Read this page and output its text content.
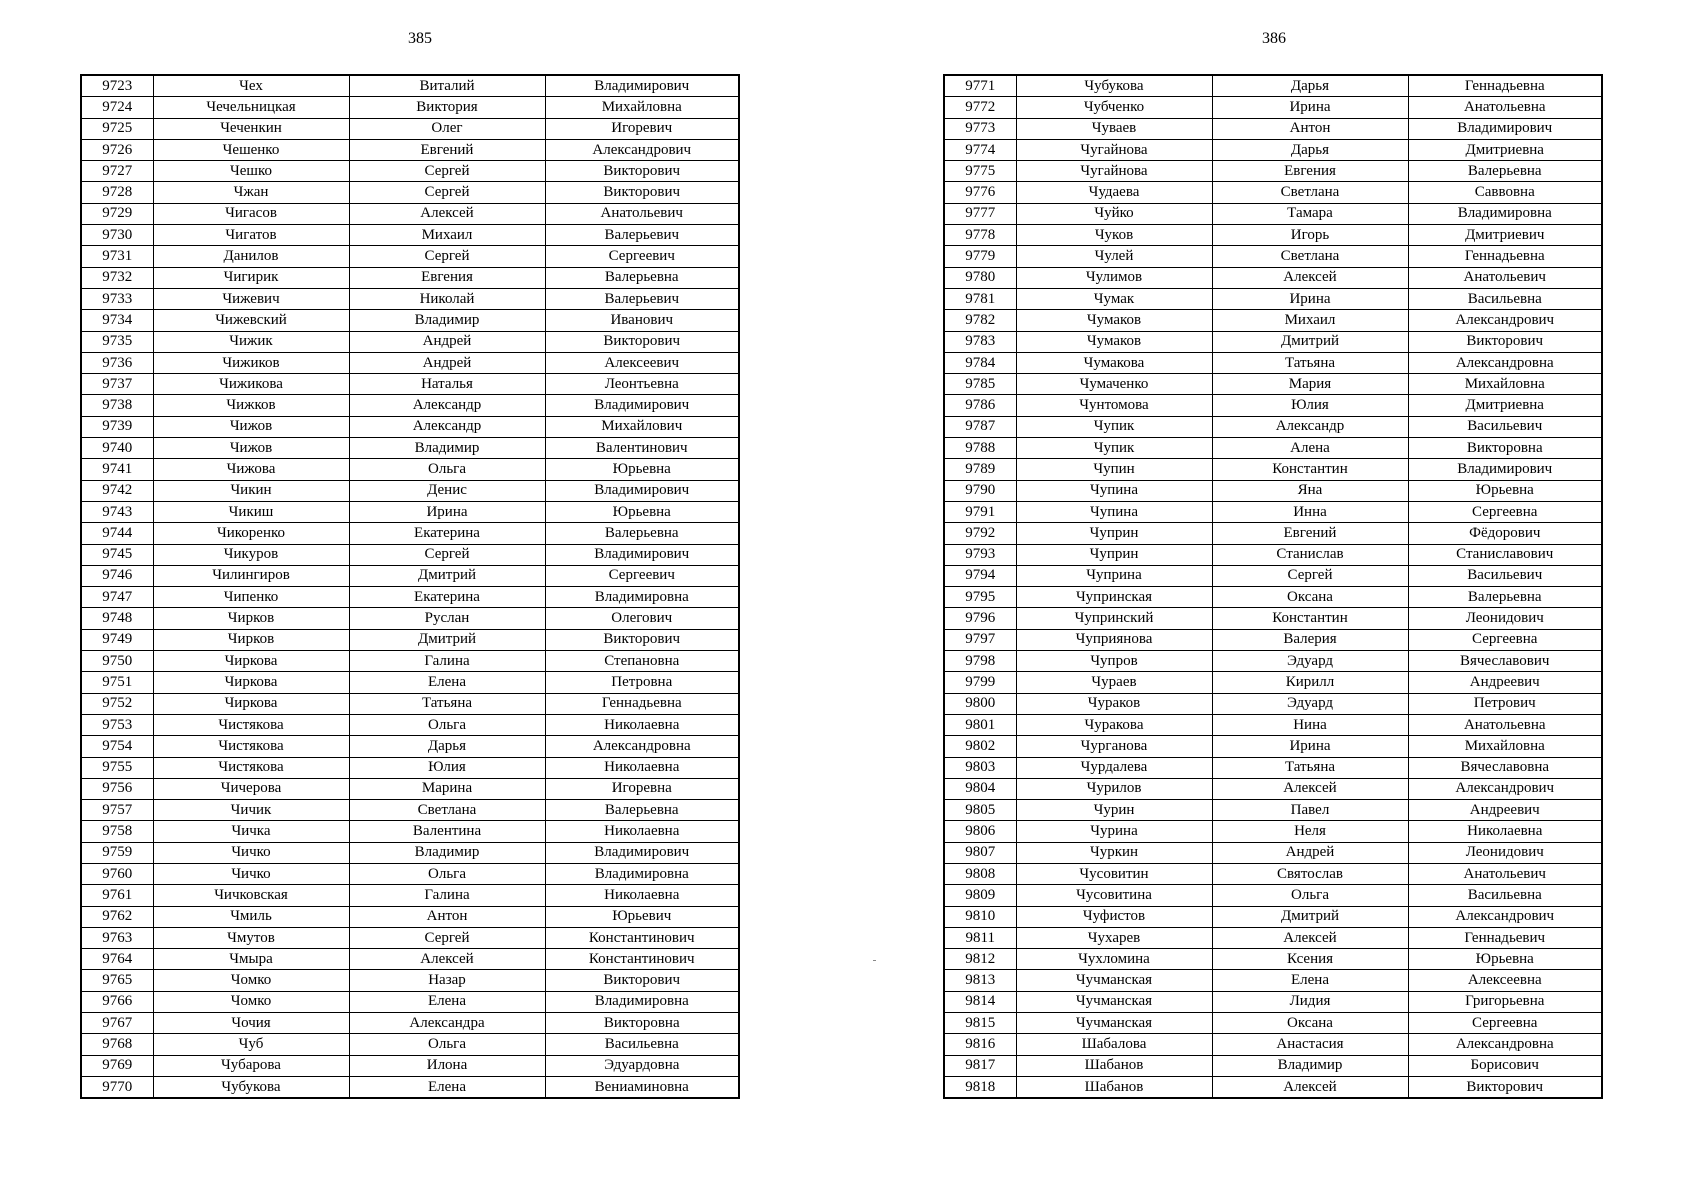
385	386
9723	Чех	Виталий	Владимирович
9724	Чечельницкая	Виктория	Михайловна
9725	Чеченкин	Олег	Игоревич
9726	Чешенко	Евгений	Александрович
9727	Чешко	Сергей	Викторович
9728	Чжан	Сергей	Викторович
9729	Чигасов	Алексей	Анатольевич
9730	Чигатов	Михаил	Валерьевич
9731	Данилов	Сергей	Сергеевич
9732	Чигирик	Евгения	Валерьевна
9733	Чижевич	Николай	Валерьевич
9734	Чижевский	Владимир	Иванович
9735	Чижик	Андрей	Викторович
9736	Чижиков	Андрей	Алексеевич
9737	Чижикова	Наталья	Леонтьевна
9738	Чижков	Александр	Владимирович
9739	Чижов	Александр	Михайлович
9740	Чижов	Владимир	Валентинович
9741	Чижова	Ольга	Юрьевна
9742	Чикин	Денис	Владимирович
9743	Чикиш	Ирина	Юрьевна
9744	Чикоренко	Екатерина	Валерьевна
9745	Чикуров	Сергей	Владимирович
9746	Чилингиров	Дмитрий	Сергеевич
9747	Чипенко	Екатерина	Владимировна
9748	Чирков	Руслан	Олегович
9749	Чирков	Дмитрий	Викторович
9750	Чиркова	Галина	Степановна
9751	Чиркова	Елена	Петровна
9752	Чиркова	Татьяна	Геннадьевна
9753	Чистякова	Ольга	Николаевна
9754	Чистякова	Дарья	Александровна
9755	Чистякова	Юлия	Николаевна
9756	Чичерова	Марина	Игоревна
9757	Чичик	Светлана	Валерьевна
9758	Чичка	Валентина	Николаевна
9759	Чичко	Владимир	Владимирович
9760	Чичко	Ольга	Владимировна
9761	Чичковская	Галина	Николаевна
9762	Чмиль	Антон	Юрьевич
9763	Чмутов	Сергей	Константинович
9764	Чмыра	Алексей	Константинович
9765	Чомко	Назар	Викторович
9766	Чомко	Елена	Владимировна
9767	Чочия	Александра	Викторовна
9768	Чуб	Ольга	Васильевна
9769	Чубарова	Илона	Эдуардовна
9770	Чубукова	Елена	Вениаминовна
9771	Чубукова	Дарья	Геннадьевна
9772	Чубченко	Ирина	Анатольевна
9773	Чуваев	Антон	Владимирович
9774	Чугайнова	Дарья	Дмитриевна
9775	Чугайнова	Евгения	Валерьевна
9776	Чудаева	Светлана	Саввовна
9777	Чуйко	Тамара	Владимировна
9778	Чуков	Игорь	Дмитриевич
9779	Чулей	Светлана	Геннадьевна
9780	Чулимов	Алексей	Анатольевич
9781	Чумак	Ирина	Васильевна
9782	Чумаков	Михаил	Александрович
9783	Чумаков	Дмитрий	Викторович
9784	Чумакова	Татьяна	Александровна
9785	Чумаченко	Мария	Михайловна
9786	Чунтомова	Юлия	Дмитриевна
9787	Чупик	Александр	Васильевич
9788	Чупик	Алена	Викторовна
9789	Чупин	Константин	Владимирович
9790	Чупина	Яна	Юрьевна
9791	Чупина	Инна	Сергеевна
9792	Чуприн	Евгений	Фёдорович
9793	Чуприн	Станислав	Станиславович
9794	Чуприна	Сергей	Васильевич
9795	Чупринская	Оксана	Валерьевна
9796	Чупринский	Константин	Леонидович
9797	Чуприянова	Валерия	Сергеевна
9798	Чупров	Эдуард	Вячеславович
9799	Чураев	Кирилл	Андреевич
9800	Чураков	Эдуард	Петрович
9801	Чуракова	Нина	Анатольевна
9802	Чурганова	Ирина	Михайловна
9803	Чурдалева	Татьяна	Вячеславовна
9804	Чурилов	Алексей	Александрович
9805	Чурин	Павел	Андреевич
9806	Чурина	Неля	Николаевна
9807	Чуркин	Андрей	Леонидович
9808	Чусовитин	Святослав	Анатольевич
9809	Чусовитина	Ольга	Васильевна
9810	Чуфистов	Дмитрий	Александрович
9811	Чухарев	Алексей	Геннадьевич
9812	Чухломина	Ксения	Юрьевна
9813	Чучманская	Елена	Алексеевна
9814	Чучманская	Лидия	Григорьевна
9815	Чучманская	Оксана	Сергеевна
9816	Шабалова	Анастасия	Александровна
9817	Шабанов	Владимир	Борисович
9818	Шабанов	Алексей	Викторович
